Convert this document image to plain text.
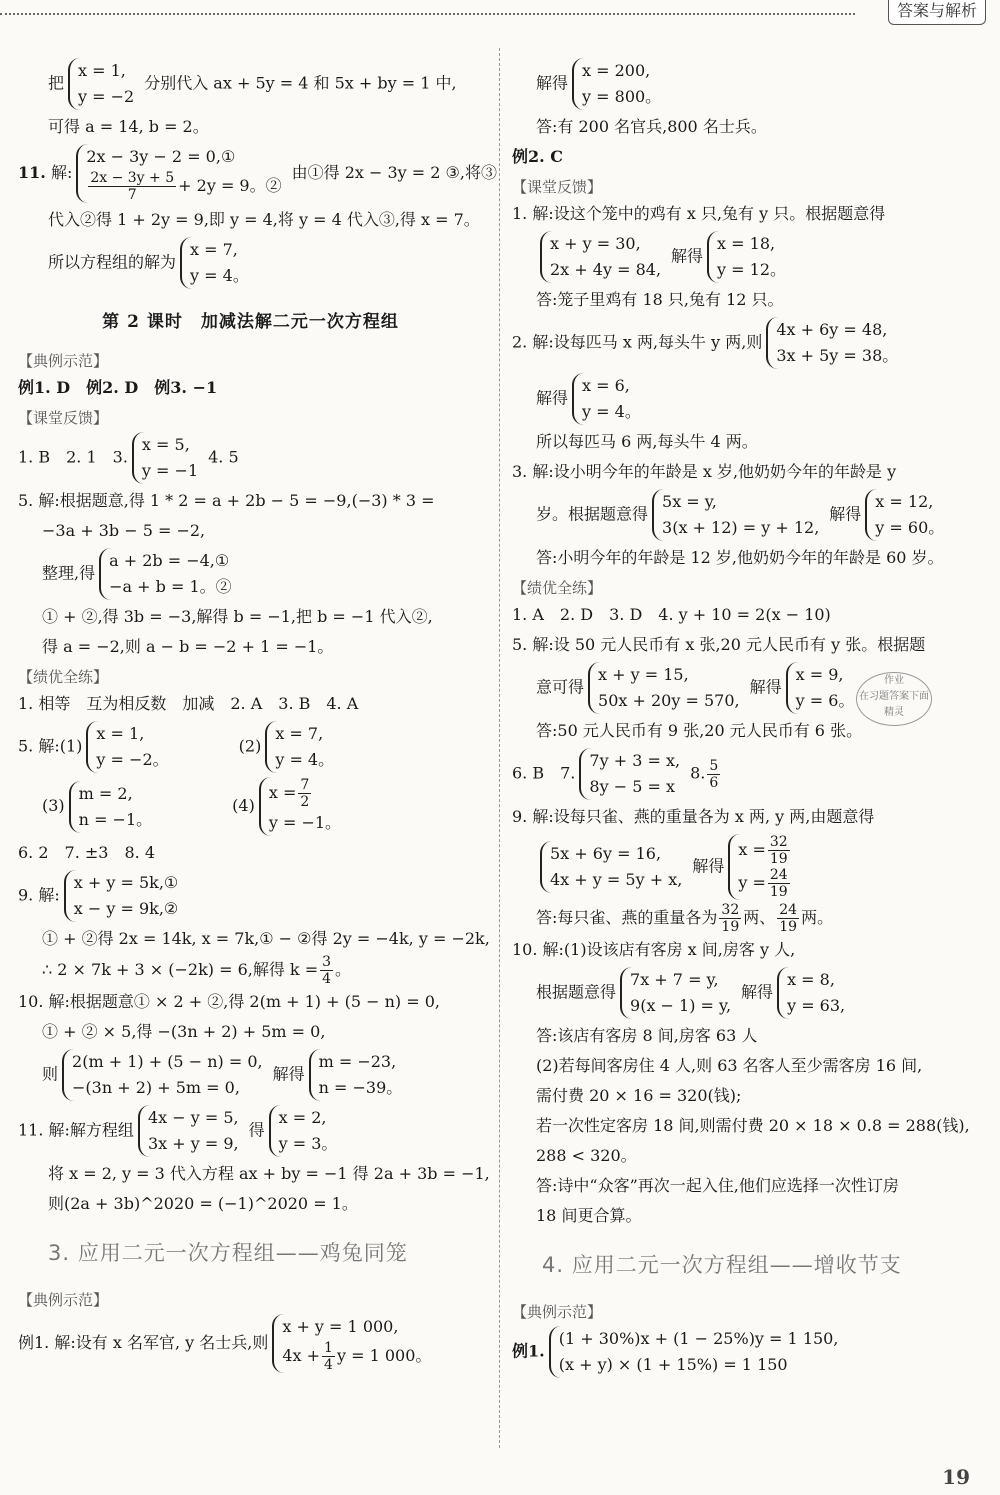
答案与解析

把
x = 1,
y = −2
分别代入 ax + 5y = 4 和 5x + by = 1 中,

可得 a = 14, b = 2。

11. 解:
2x − 3y − 2 = 0,①
$\frac{2x - 3y + 5}{7} + 2y = 9$。②
由①得 2x − 3y = 2 ③,将③

代入②得 1 + 2y = 9,即 y = 4,将 y = 4 代入③,得 x = 7。

所以方程组的解为
x = 7,
y = 4。

第 2 课时　加减法解二元一次方程组
【典例示范】

例1. D　例2. D　例3. −1

【课堂反馈】

1. B　2. 1　3.
x = 5,
y = −1
4. 5

5. 解:根据题意,得 1 * 2 = a + 2b − 5 = −9,(−3) * 3 =

−3a + 3b − 5 = −2,

整理,得
a + 2b = −4,①
−a + b = 1。②

① + ②,得 3b = −3,解得 b = −1,把 b = −1 代入②,

得 a = −2,则 a − b = −2 + 1 = −1。

【绩优全练】

1. 相等　互为相反数　加减　2. A　3. B　4. A

5. 解:(1)
x = 1,
y = −2。
(2)
x = 7,
y = 4。

(3)
m = 2,
n = −1。
(4)
$x = \frac{7}{2}$
y = −1。

6. 2　7. ±3　8. 4

9. 解:
x + y = 5k,①
x − y = 9k,②

① + ②得 2x = 14k, x = 7k,① − ②得 2y = −4k, y = −2k,

∴ 2 × 7k + 3 × (−2k) = 6,解得 $k = \frac{3}{4}$ 。

10. 解:根据题意① × 2 + ②,得 2(m + 1) + (5 − n) = 0,

① + ② × 5,得 −(3n + 2) + 5m = 0,

则
2(m + 1) + (5 − n) = 0,
−(3n + 2) + 5m = 0,
解得
m = −23,
n = −39。

11. 解:解方程组
4x − y = 5,
3x + y = 9,
得
x = 2,
y = 3。

将 x = 2, y = 3 代入方程 ax + by = −1 得 2a + 3b = −1,

则(2a + 3b)^2020 = (−1)^2020 = 1。

3. 应用二元一次方程组——鸡兔同笼
【典例示范】

例1. 解:设有 x 名军官, y 名士兵,则
x + y = 1 000,
$4x + \frac{1}{4}$ y = 1 000。

解得
x = 200,
y = 800。

答:有 200 名官兵,800 名士兵。

例2. C

【课堂反馈】

1. 解:设这个笼中的鸡有 x 只,兔有 y 只。根据题意得

x + y = 30,
2x + 4y = 84,
解得
x = 18,
y = 12。

答:笼子里鸡有 18 只,兔有 12 只。

2. 解:设每匹马 x 两,每头牛 y 两,则
4x + 6y = 48,
3x + 5y = 38。

解得
x = 6,
y = 4。

所以每匹马 6 两,每头牛 4 两。

3. 解:设小明今年的年龄是 x 岁,他奶奶今年的年龄是 y

岁。根据题意得
5x = y,
3(x + 12) = y + 12,
解得
x = 12,
y = 60。

答:小明今年的年龄是 12 岁,他奶奶今年的年龄是 60 岁。

【绩优全练】

1. A　2. D　3. D　4. y + 10 = 2(x − 10)

5. 解:设 50 元人民币有 x 张,20 元人民币有 y 张。根据题

意可得
x + y = 15,
50x + 20y = 570,
解得
x = 9,
y = 6。

答:50 元人民币有 9 张,20 元人民币有 6 张。

6. B　7.
7y + 3 = x,
8y − 5 = x
8. $\frac{5}{6}$

9. 解:设每只雀、燕的重量各为 x 两, y 两,由题意得

5x + 6y = 16,
4x + y = 5y + x,
解得
$x = \frac{32}{19}$
$y = \frac{24}{19}$

答:每只雀、燕的重量各为 $\frac{32}{19}$ 两、 $\frac{24}{19}$ 两。

10. 解:(1)设该店有客房 x 间,房客 y 人,

根据题意得
7x + 7 = y,
9(x − 1) = y,
解得
x = 8,
y = 63,

答:该店有客房 8 间,房客 63 人

(2)若每间客房住 4 人,则 63 名客人至少需客房 16 间,

需付费 20 × 16 = 320(钱);

若一次性定客房 18 间,则需付费 20 × 18 × 0.8 = 288(钱),

288 < 320。

答:诗中“众客”再次一起入住,他们应选择一次性订房

18 间更合算。

4. 应用二元一次方程组——增收节支
【典例示范】

例1.
(1 + 30%)x + (1 − 25%)y = 1 150,
(x + y) × (1 + 15%) = 1 150

作业
在习题答案下面
精灵
19
